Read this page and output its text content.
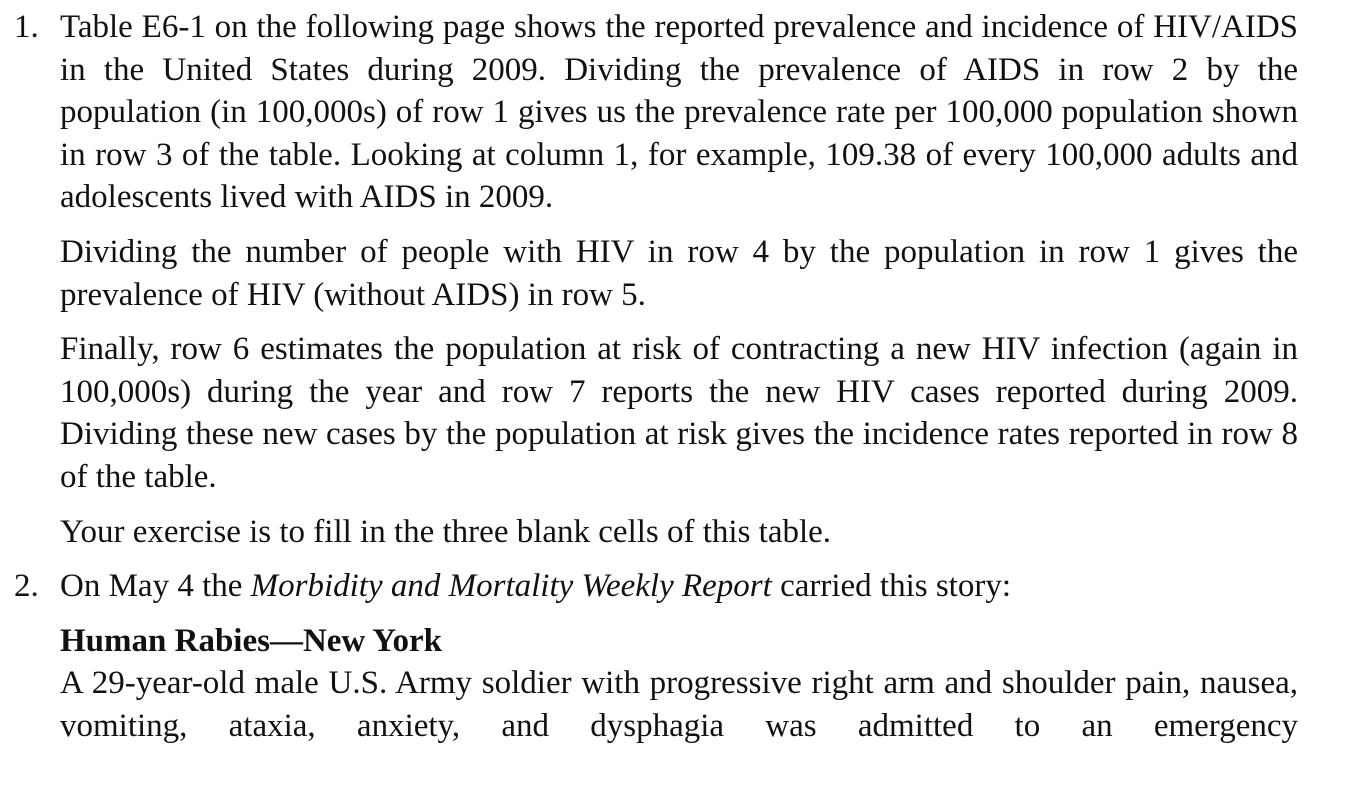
1. Table E6-1 on the following page shows the reported prevalence and incidence of HIV/AIDS in the United States during 2009. Dividing the prevalence of AIDS in row 2 by the population (in 100,000s) of row 1 gives us the prevalence rate per 100,000 population shown in row 3 of the table. Looking at column 1, for example, 109.38 of every 100,000 adults and adolescents lived with AIDS in 2009.

Dividing the number of people with HIV in row 4 by the population in row 1 gives the prevalence of HIV (without AIDS) in row 5.

Finally, row 6 estimates the population at risk of contracting a new HIV infection (again in 100,000s) during the year and row 7 reports the new HIV cases reported during 2009. Dividing these new cases by the population at risk gives the incidence rates reported in row 8 of the table.

Your exercise is to fill in the three blank cells of this table.

2. On May 4 the Morbidity and Mortality Weekly Report carried this story:

Human Rabies—New York

A 29-year-old male U.S. Army soldier with progressive right arm and shoulder pain, nausea, vomiting, ataxia, anxiety, and dysphagia was admitted to an emergency
